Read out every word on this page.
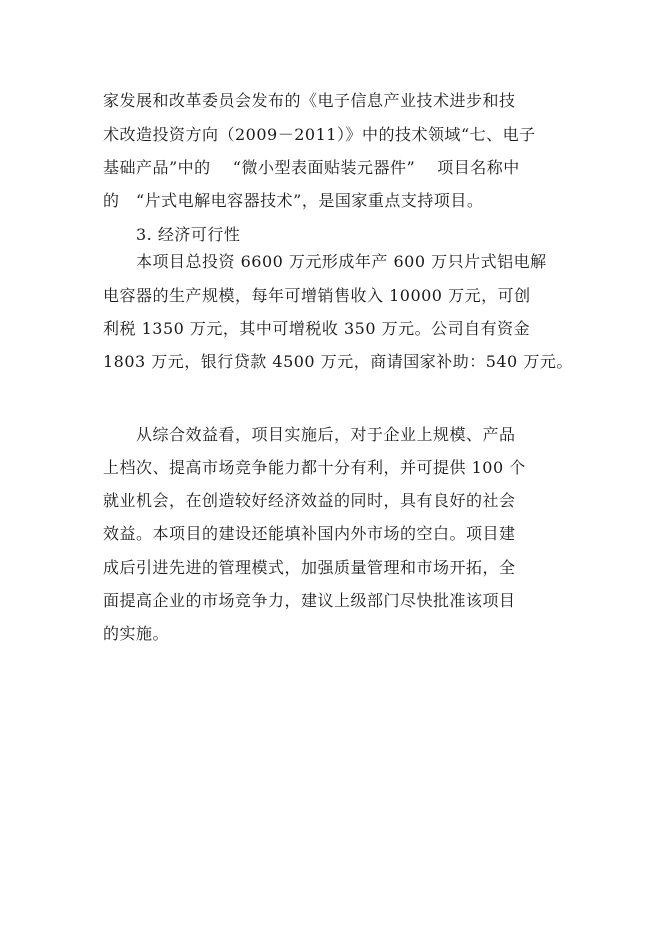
家发展和改革委员会发布的《电子信息产业技术进步和技
术改造投资方向（2009－2011）》中的技术领域“七、电子
基础产品”中的　 “微小型表面贴装元器件”　 项目名称中
的　“片式电解电容器技术”，是国家重点支持项目。
3. 经济可行性
本项目总投资 6600 万元形成年产 600 万只片式铝电解
电容器的生产规模，每年可增销售收入 10000 万元，可创
利税 1350 万元，其中可增税收 350 万元。公司自有资金
1803 万元，银行贷款 4500 万元，商请国家补助：540 万元。
从综合效益看，项目实施后，对于企业上规模、产品
上档次、提高市场竞争能力都十分有利，并可提供 100 个
就业机会，在创造较好经济效益的同时，具有良好的社会
效益。本项目的建设还能填补国内外市场的空白。项目建
成后引进先进的管理模式，加强质量管理和市场开拓，全
面提高企业的市场竞争力，建议上级部门尽快批准该项目
的实施。
